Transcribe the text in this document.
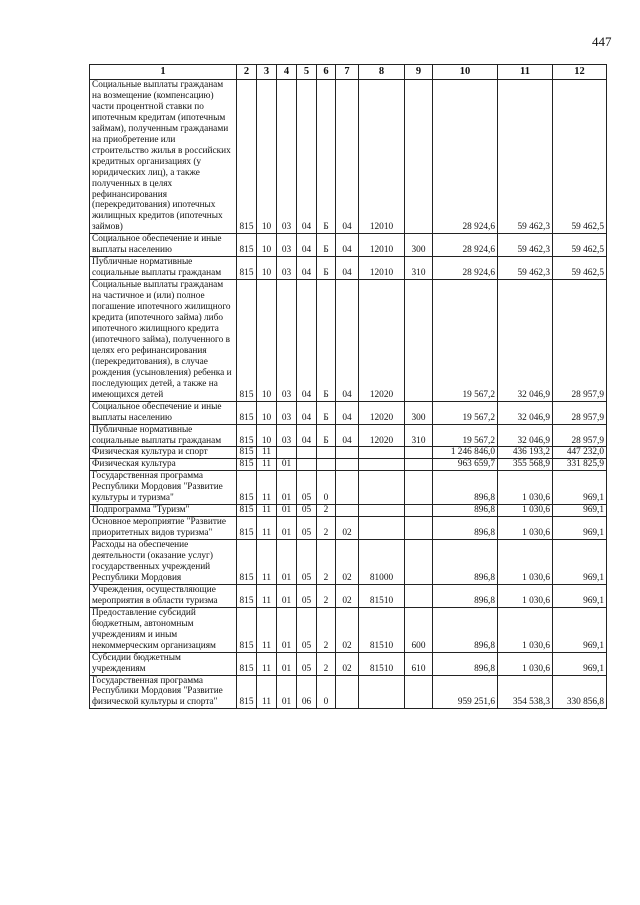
447
1	2	3	4	5	6	7	8	9	10	11	12
Социальные выплаты гражданам на возмещение (компенсацию) части процентной ставки по ипотечным кредитам (ипотечным займам), полученным гражданами на приобретение или строительство жилья в российских кредитных организациях (у юридических лиц), а также полученных в целях рефинансирования (перекредитования) ипотечных жилищных кредитов (ипотечных займов)	815	10	03	04	Б	04	12010		28 924,6	59 462,3	59 462,5
Социальное обеспечение и иные выплаты населению	815	10	03	04	Б	04	12010	300	28 924,6	59 462,3	59 462,5
Публичные нормативные социальные выплаты гражданам	815	10	03	04	Б	04	12010	310	28 924,6	59 462,3	59 462,5
Социальные выплаты гражданам на частичное и (или) полное погашение ипотечного жилищного кредита (ипотечного займа) либо ипотечного жилищного кредита (ипотечного займа), полученного в целях его рефинансирования (перекредитования), в случае рождения (усыновления) ребенка и последующих детей, а также на имеющихся детей	815	10	03	04	Б	04	12020		19 567,2	32 046,9	28 957,9
Социальное обеспечение и иные выплаты населению	815	10	03	04	Б	04	12020	300	19 567,2	32 046,9	28 957,9
Публичные нормативные социальные выплаты гражданам	815	10	03	04	Б	04	12020	310	19 567,2	32 046,9	28 957,9
Физическая культура и спорт	815	11							1 246 846,0	436 193,2	447 232,0
Физическая культура	815	11	01						963 659,7	355 568,9	331 825,9
Государственная программа Республики Мордовия "Развитие культуры и туризма"	815	11	01	05	0				896,8	1 030,6	969,1
Подпрограмма "Туризм"	815	11	01	05	2				896,8	1 030,6	969,1
Основное мероприятие "Развитие приоритетных видов туризма"	815	11	01	05	2	02			896,8	1 030,6	969,1
Расходы на обеспечение деятельности (оказание услуг) государственных учреждений Республики Мордовия	815	11	01	05	2	02	81000		896,8	1 030,6	969,1
Учреждения, осуществляющие мероприятия в области туризма	815	11	01	05	2	02	81510		896,8	1 030,6	969,1
Предоставление субсидий бюджетным, автономным учреждениям и иным некоммерческим организациям	815	11	01	05	2	02	81510	600	896,8	1 030,6	969,1
Субсидии бюджетным учреждениям	815	11	01	05	2	02	81510	610	896,8	1 030,6	969,1
Государственная программа Республики Мордовия "Развитие физической культуры и спорта"	815	11	01	06	0				959 251,6	354 538,3	330 856,8
